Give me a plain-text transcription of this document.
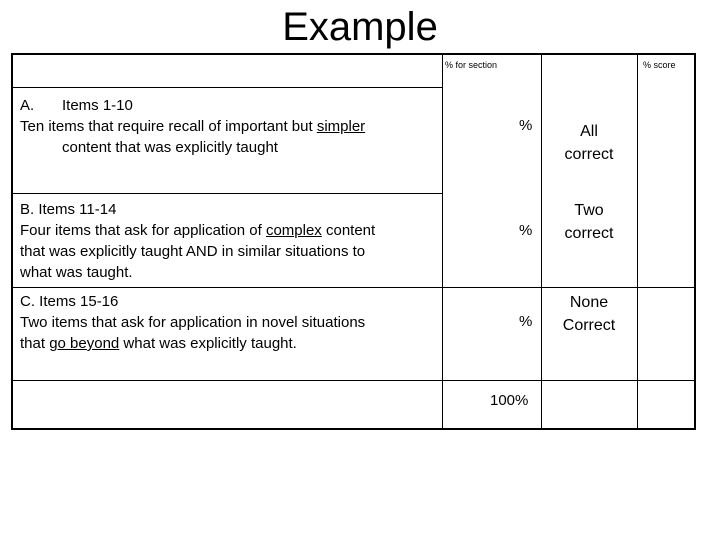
Example
% for section	% score
A. Items 1-10
Ten items that require recall of important but simpler
content that was explicitly taught
%	All
correct
B. Items 11-14
Four items that ask for application of complex content
that was explicitly taught AND in similar situations to
what was taught.
%
Two
correct
C. Items 15-16
Two items that ask for application in novel situations
that go beyond what was explicitly taught.
%
None
Correct
100%
